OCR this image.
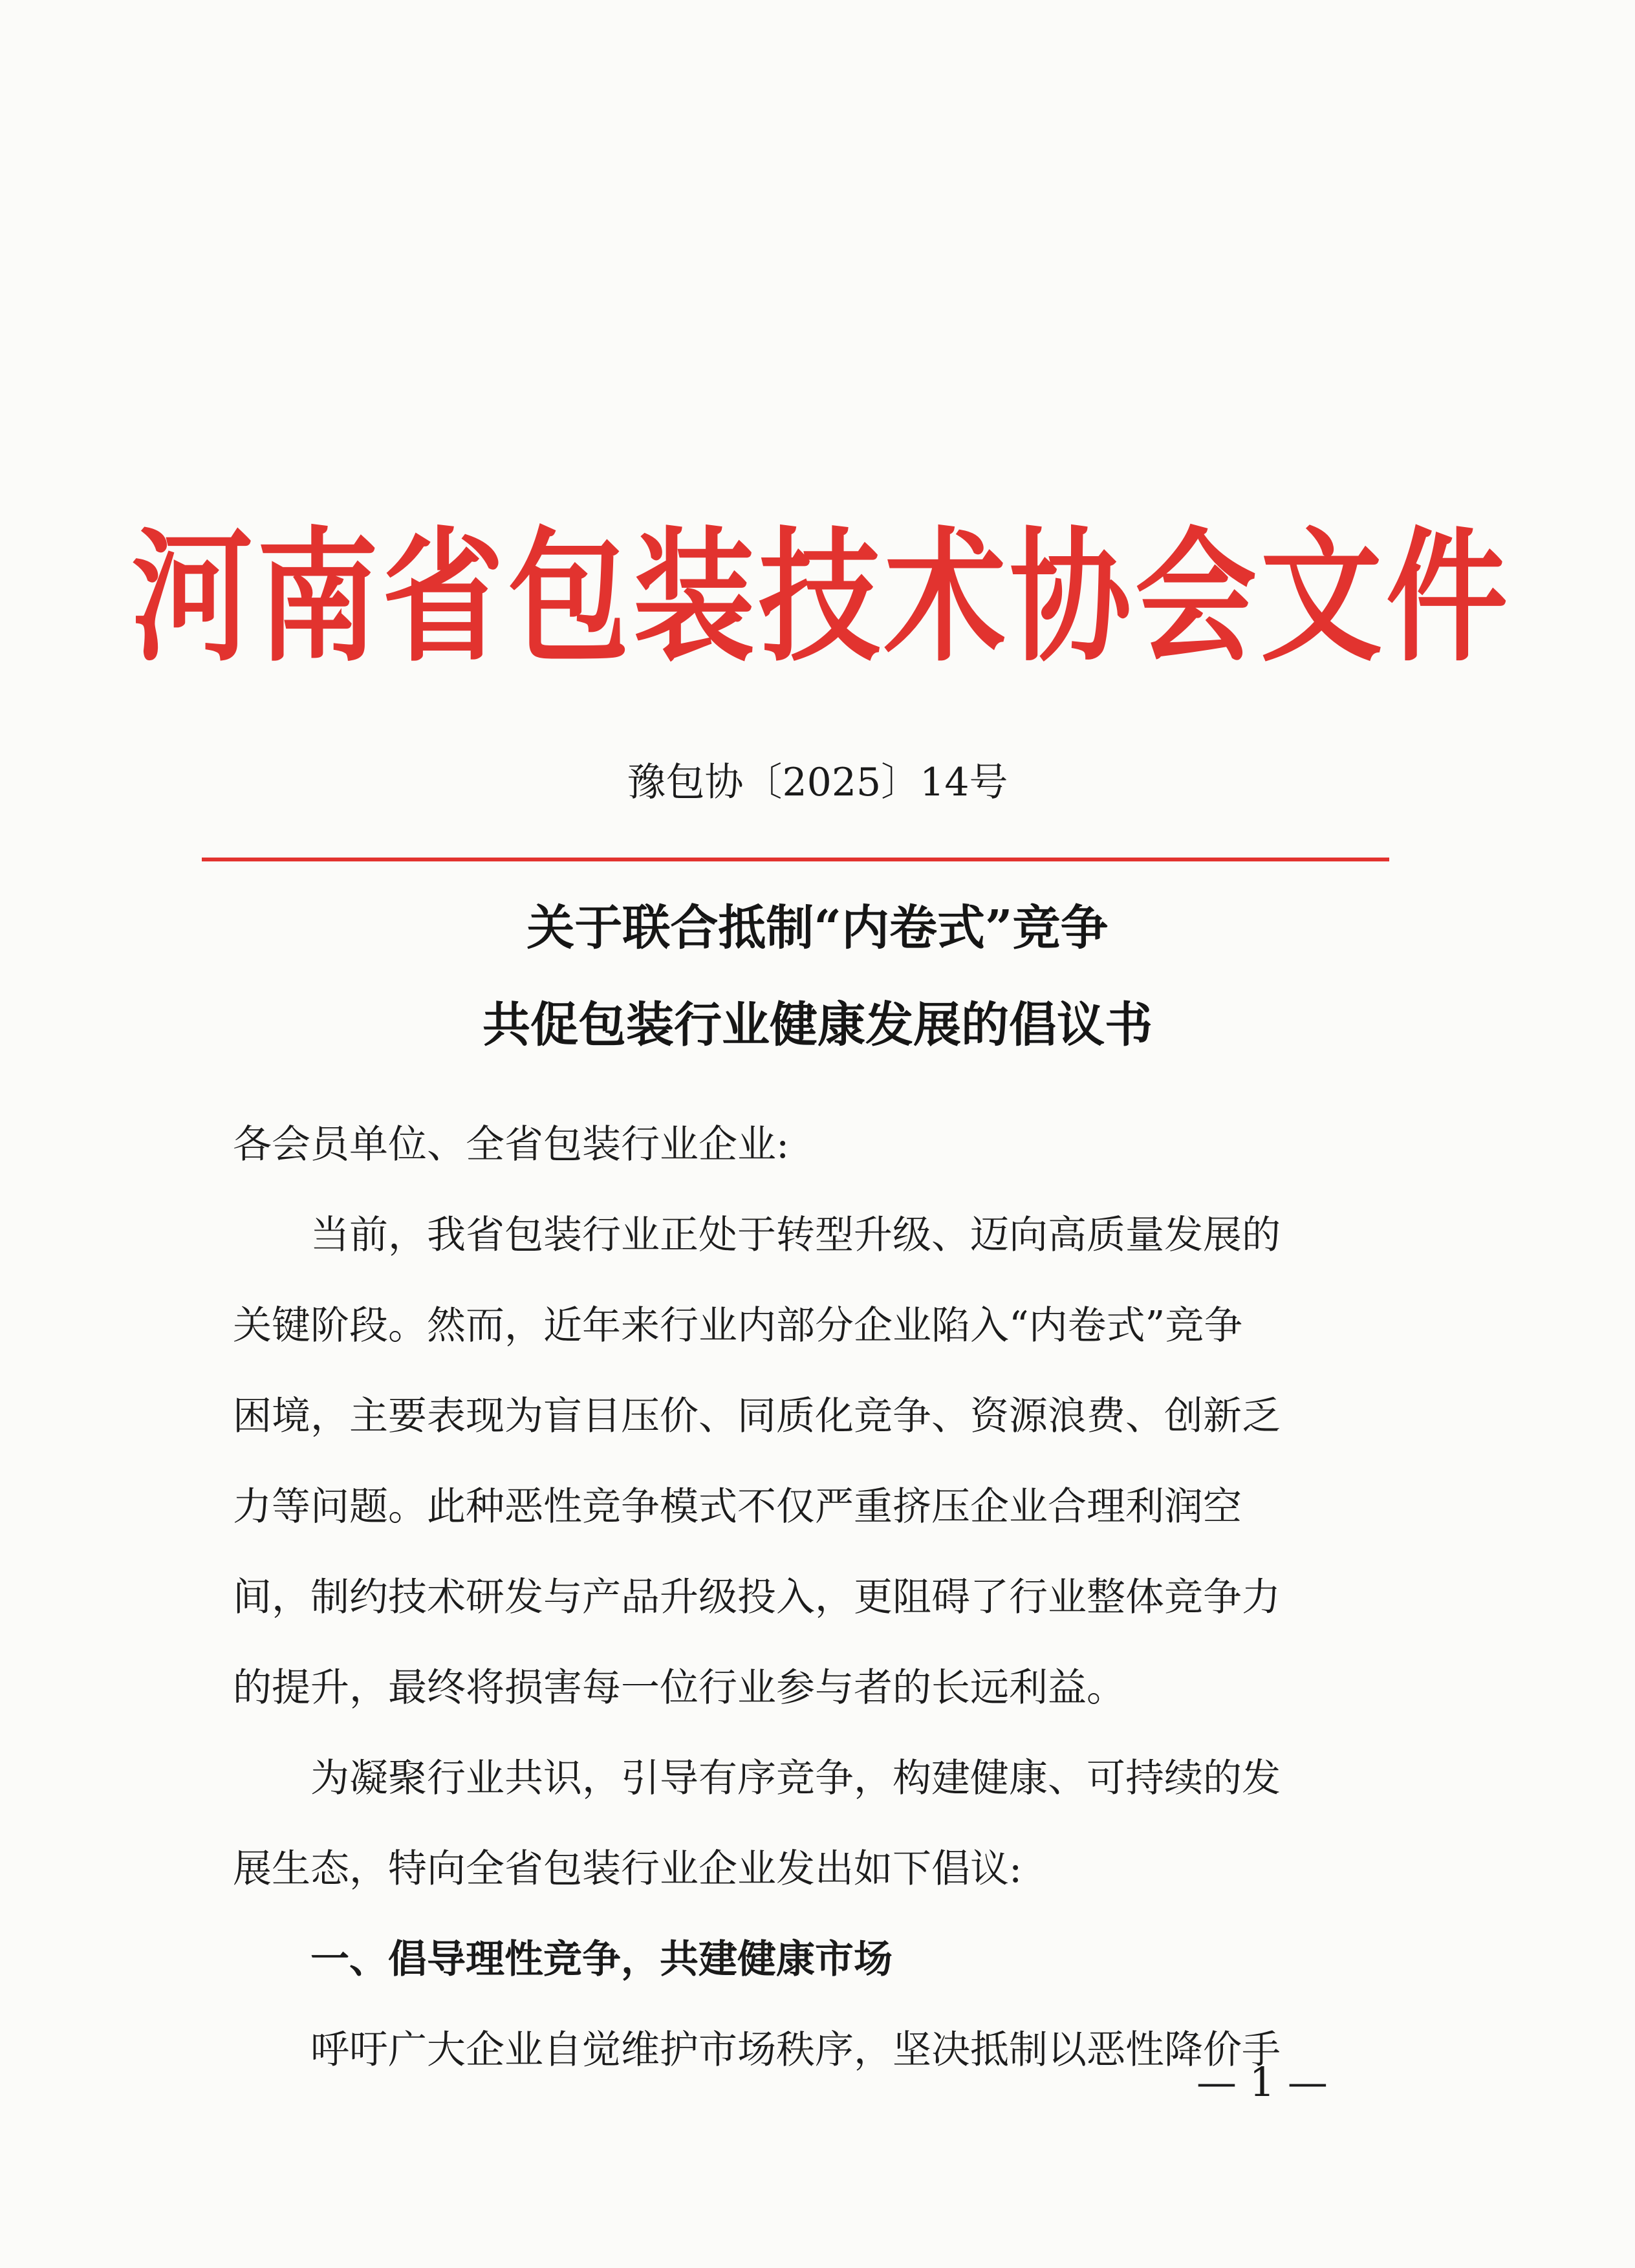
河南省包装技术协会文件
豫包协〔2025〕14号
关于联合抵制“内卷式”竞争
共促包装行业健康发展的倡议书
各会员单位、全省包装行业企业:
当前，我省包装行业正处于转型升级、迈向高质量发展的
关键阶段。然而，近年来行业内部分企业陷入“内卷式”竞争
困境，主要表现为盲目压价、同质化竞争、资源浪费、创新乏
力等问题。此种恶性竞争模式不仅严重挤压企业合理利润空
间，制约技术研发与产品升级投入，更阻碍了行业整体竞争力
的提升，最终将损害每一位行业参与者的长远利益。
为凝聚行业共识，引导有序竞争，构建健康、可持续的发
展生态，特向全省包装行业企业发出如下倡议:
一、倡导理性竞争，共建健康市场
呼吁广大企业自觉维护市场秩序，坚决抵制以恶性降价手
— 1 —
